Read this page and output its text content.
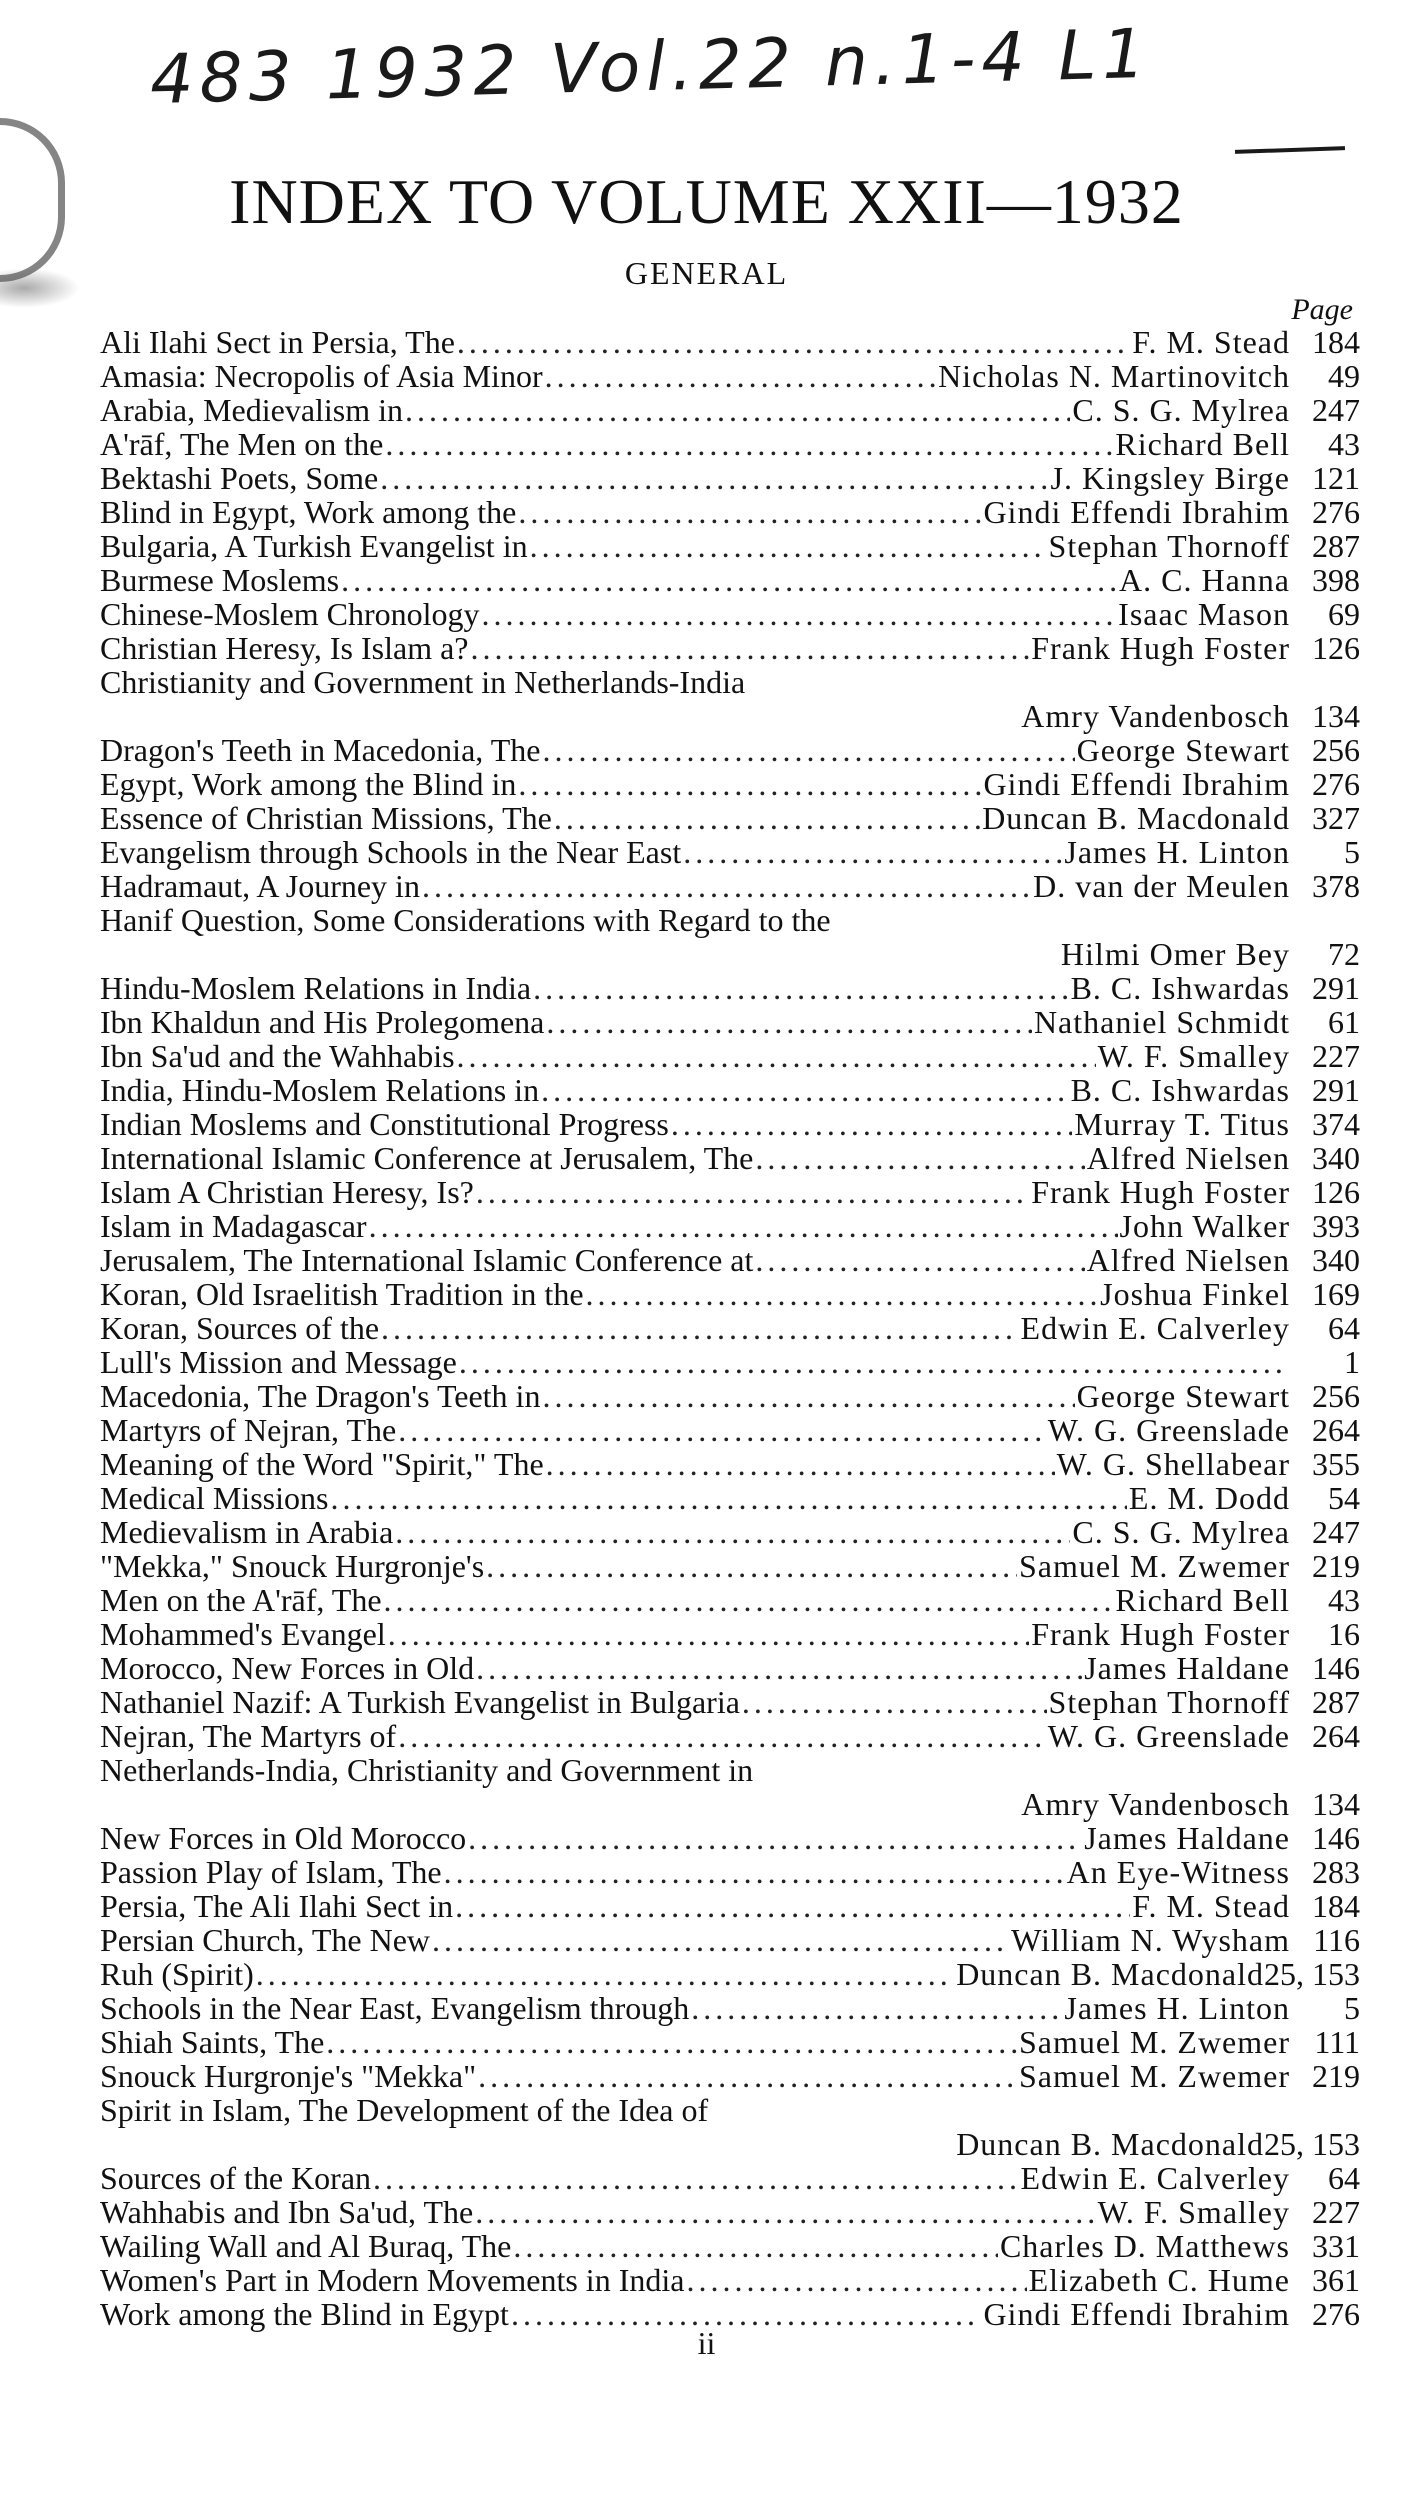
483 1932 Vol.22 n.1-4 L1
INDEX TO VOLUME XXII—1932
GENERAL
Page
Ali Ilahi Sect in Persia, The . . .	F. M. Stead 184
Amasia: Necropolis of Asia Minor . . .	Nicholas N. Martinovitch	49
Arabia, Medievalism in . . .	C. S. G. Mylrea 247
A'rāf, The Men on the . . .	Richard Bell	43
Bektashi Poets, Some . . .	J. Kingsley Birge 121
Blind in Egypt, Work among the . . .	Gindi Effendi Ibrahim 276
Bulgaria, A Turkish Evangelist in . . .	Stephan Thornoff 287
Burmese Moslems . . .	A. C. Hanna 398
Chinese-Moslem Chronology . . .	Isaac Mason	69
Christian Heresy, Is Islam a? . . .	Frank Hugh Foster 126
Christianity and Government in Netherlands-India
Amry Vandenbosch 134
Dragon's Teeth in Macedonia, The . . .	George Stewart 256
Egypt, Work among the Blind in . . .	Gindi Effendi Ibrahim 276
Essence of Christian Missions, The . . .	Duncan B. Macdonald 327
Evangelism through Schools in the Near East . . .	James H. Linton	5
Hadramaut, A Journey in . . .	D. van der Meulen 378
Hanif Question, Some Considerations with Regard to the
Hilmi Omer Bey	72
Hindu-Moslem Relations in India . . .	B. C. Ishwardas 291
Ibn Khaldun and His Prolegomena . . .	Nathaniel Schmidt	61
Ibn Sa'ud and the Wahhabis . . .	W. F. Smalley 227
India, Hindu-Moslem Relations in . . .	B. C. Ishwardas 291
Indian Moslems and Constitutional Progress . . .	Murray T. Titus 374
International Islamic Conference at Jerusalem, The . . .	Alfred Nielsen 340
Islam A Christian Heresy, Is? . . .	Frank Hugh Foster 126
Islam in Madagascar . . .	John Walker 393
Jerusalem, The International Islamic Conference at . . .	Alfred Nielsen 340
Koran, Old Israelitish Tradition in the . . .	Joshua Finkel 169
Koran, Sources of the . . .	Edwin E. Calverley	64
Lull's Mission and Message . . .	1
Macedonia, The Dragon's Teeth in . . .	George Stewart 256
Martyrs of Nejran, The . . .	W. G. Greenslade 264
Meaning of the Word "Spirit," The . . .	W. G. Shellabear 355
Medical Missions . . .	E. M. Dodd	54
Medievalism in Arabia . . .	C. S. G. Mylrea 247
"Mekka," Snouck Hurgronje's . . .	Samuel M. Zwemer 219
Men on the A'rāf, The . . .	Richard Bell	43
Mohammed's Evangel . . .	Frank Hugh Foster	16
Morocco, New Forces in Old . . .	James Haldane 146
Nathaniel Nazif: A Turkish Evangelist in Bulgaria . . .	Stephan Thornoff 287
Nejran, The Martyrs of . . .	W. G. Greenslade 264
Netherlands-India, Christianity and Government in
Amry Vandenbosch 134
New Forces in Old Morocco . . .	James Haldane 146
Passion Play of Islam, The . . .	An Eye-Witness 283
Persia, The Ali Ilahi Sect in . . .	F. M. Stead 184
Persian Church, The New . . .	William N. Wysham 116
Ruh (Spirit) . . .	Duncan B. Macdonald 25, 153
Schools in the Near East, Evangelism through . . .	James H. Linton	5
Shiah Saints, The . . .	Samuel M. Zwemer 111
Snouck Hurgronje's "Mekka" . . .	Samuel M. Zwemer 219
Spirit in Islam, The Development of the Idea of
Duncan B. Macdonald 25, 153
Sources of the Koran . . .	Edwin E. Calverley	64
Wahhabis and Ibn Sa'ud, The . . .	W. F. Smalley 227
Wailing Wall and Al Buraq, The . . .	Charles D. Matthews 331
Women's Part in Modern Movements in India . . .	Elizabeth C. Hume 361
Work among the Blind in Egypt . . .	Gindi Effendi Ibrahim 276
ii
